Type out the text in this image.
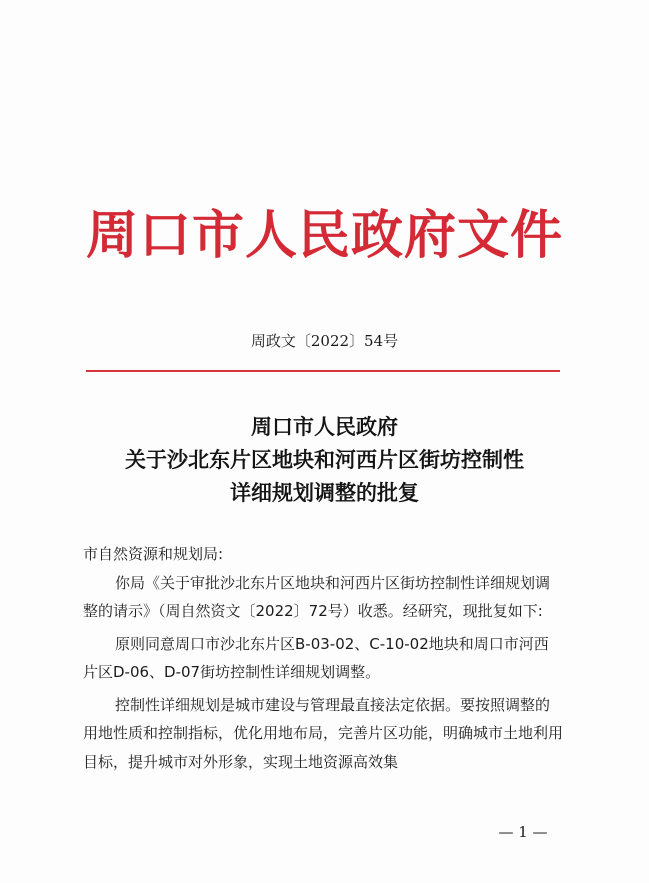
周口市人民政府文件
周政文〔2022〕54号
周口市人民政府
关于沙北东片区地块和河西片区街坊控制性
详细规划调整的批复

市自然资源和规划局:

你局《关于审批沙北东片区地块和河西片区街坊控制性详细规划调整的请示》（周自然资文〔2022〕72号）收悉。经研究，现批复如下:

原则同意周口市沙北东片区B-03-02、C-10-02地块和周口市河西片区D-06、D-07街坊控制性详细规划调整。

控制性详细规划是城市建设与管理最直接法定依据。要按照调整的用地性质和控制指标，优化用地布局，完善片区功能，明确城市土地利用目标，提升城市对外形象，实现土地资源高效集

— 1 —
